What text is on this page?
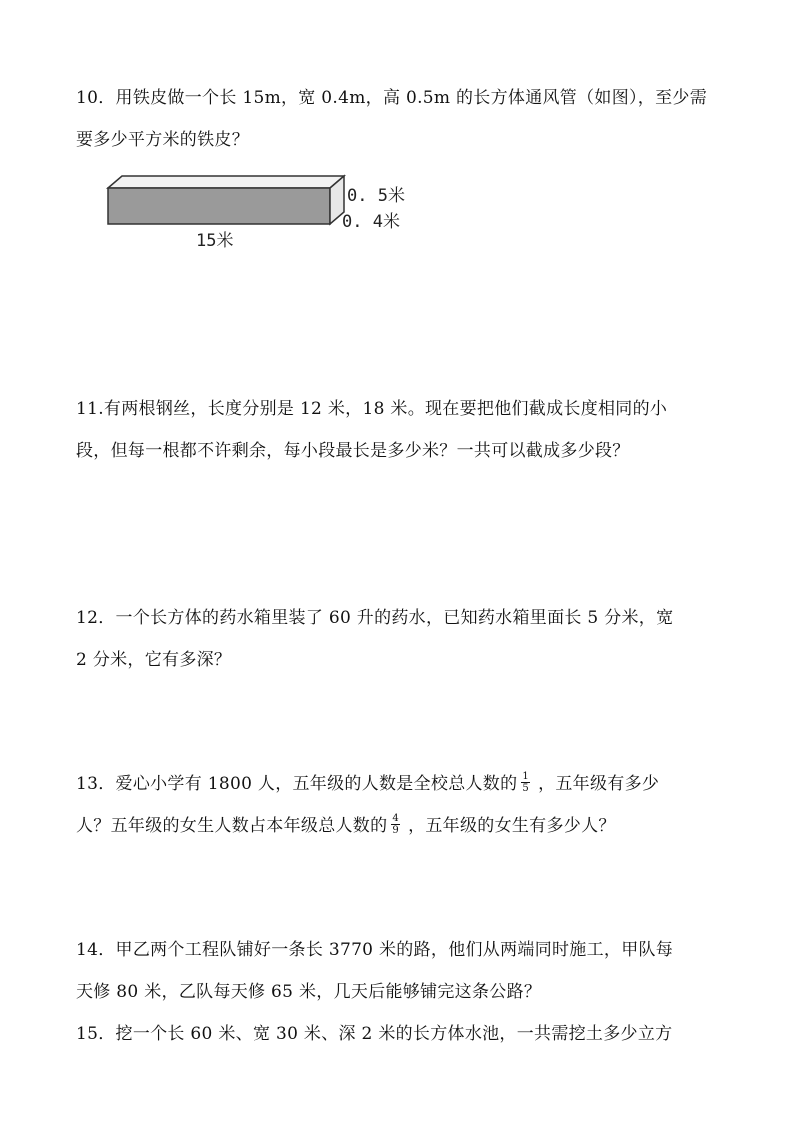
10．用铁皮做一个长 15m，宽 0.4m，高 0.5m 的长方体通风管（如图），至少需
要多少平方米的铁皮？
0. 5米
0. 4米
15米
11.有两根钢丝，长度分别是 12 米，18 米。现在要把他们截成长度相同的小
段，但每一根都不许剩余，每小段最长是多少米？一共可以截成多少段？
12．一个长方体的药水箱里装了 60 升的药水，已知药水箱里面长 5 分米，宽
2 分米，它有多深？
13．爱心小学有 1800 人，五年级的人数是全校总人数的 $\frac{1}{5}$ ，五年级有多少
人？五年级的女生人数占本年级总人数的 $\frac{4}{9}$ ，五年级的女生有多少人？
14．甲乙两个工程队铺好一条长 3770 米的路，他们从两端同时施工，甲队每
天修 80 米，乙队每天修 65 米，几天后能够铺完这条公路？
15．挖一个长 60 米、宽 30 米、深 2 米的长方体水池，一共需挖土多少立方
